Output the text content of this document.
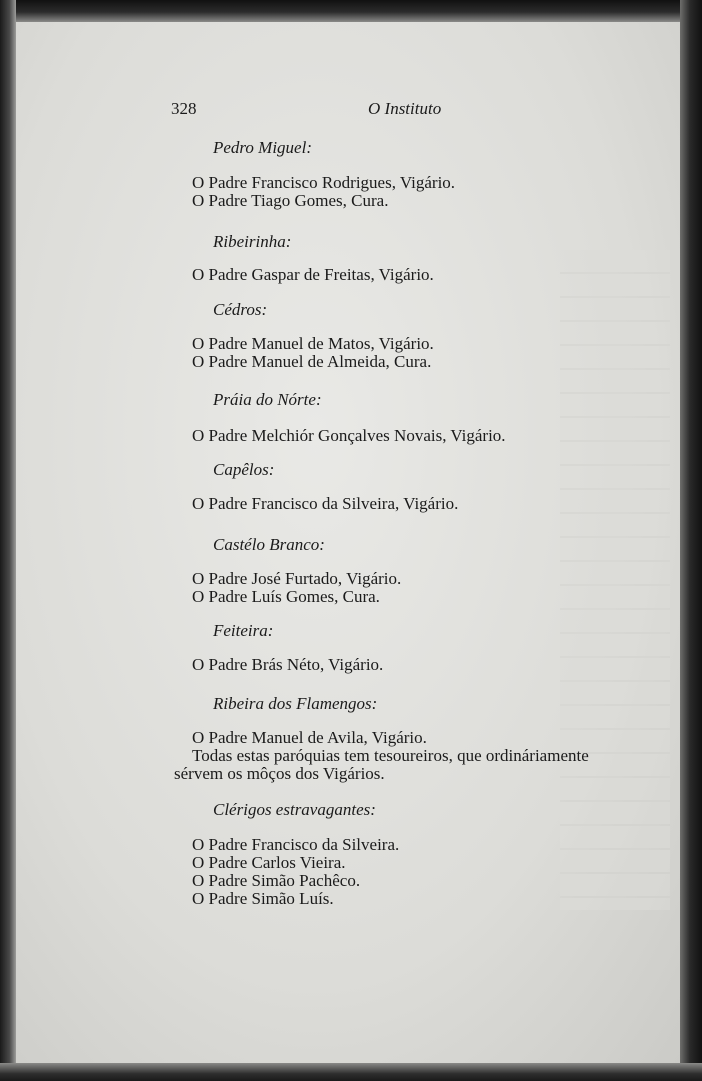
328	O Instituto
Pedro Miguel:
O Padre Francisco Rodrigues, Vigário.
O Padre Tiago Gomes, Cura.
Ribeirinha:
O Padre Gaspar de Freitas, Vigário.
Cédros:
O Padre Manuel de Matos, Vigário.
O Padre Manuel de Almeida, Cura.
Práia do Nórte:
O Padre Melchiór Gonçalves Novais, Vigário.
Capêlos:
O Padre Francisco da Silveira, Vigário.
Castélo Branco:
O Padre José Furtado, Vigário.
O Padre Luís Gomes, Cura.
Feiteira:
O Padre Brás Néto, Vigário.
Ribeira dos Flamengos:
O Padre Manuel de Avila, Vigário.
Todas estas paróquias tem tesoureiros, que ordináriamente
sérvem os môços dos Vigários.
Clérigos estravagantes:
O Padre Francisco da Silveira.
O Padre Carlos Vieira.
O Padre Simão Pachêco.
O Padre Simão Luís.
